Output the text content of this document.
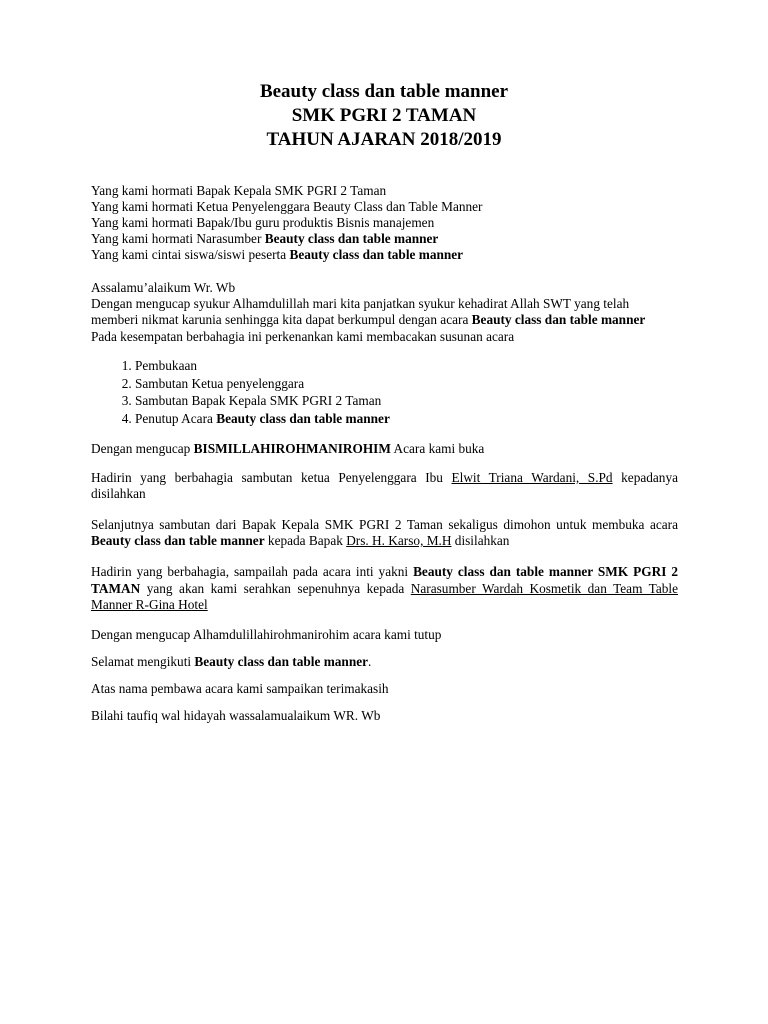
Beauty class dan table manner
SMK PGRI 2 TAMAN
TAHUN AJARAN 2018/2019
Yang kami hormati Bapak Kepala SMK PGRI 2 Taman
Yang kami hormati Ketua Penyelenggara Beauty Class dan Table Manner
Yang kami hormati Bapak/Ibu guru produktis Bisnis manajemen
Yang kami hormati Narasumber Beauty class dan table manner
Yang kami cintai siswa/siswi peserta Beauty class dan table manner
Assalamu’alaikum Wr. Wb

Dengan mengucap syukur Alhamdulillah mari kita panjatkan syukur kehadirat Allah SWT yang telah memberi nikmat karunia senhingga kita dapat berkumpul dengan acara Beauty class dan table manner

Pada kesempatan berbahagia ini perkenankan kami membacakan susunan acara
1. Pembukaan
2. Sambutan Ketua penyelenggara
3. Sambutan Bapak Kepala SMK PGRI 2 Taman
4. Penutup Acara Beauty class dan table manner
Dengan mengucap BISMILLAHIROHMANIROHIM Acara kami buka

Hadirin yang berbahagia sambutan ketua Penyelenggara Ibu Elwit Triana Wardani, S.Pd kepadanya disilahkan

Selanjutnya sambutan dari Bapak Kepala SMK PGRI 2 Taman sekaligus dimohon untuk membuka acara Beauty class dan table manner kepada Bapak Drs. H. Karso, M.H disilahkan

Hadirin yang berbahagia, sampailah pada acara inti yakni Beauty class dan table manner SMK PGRI 2 TAMAN yang akan kami serahkan sepenuhnya kepada Narasumber Wardah Kosmetik dan Team Table Manner R-Gina Hotel

Dengan mengucap Alhamdulillahirohmanirohim acara kami tutup
Selamat mengikuti Beauty class dan table manner.
Atas nama pembawa acara kami sampaikan terimakasih
Bilahi taufiq wal hidayah wassalamualaikum WR. Wb
